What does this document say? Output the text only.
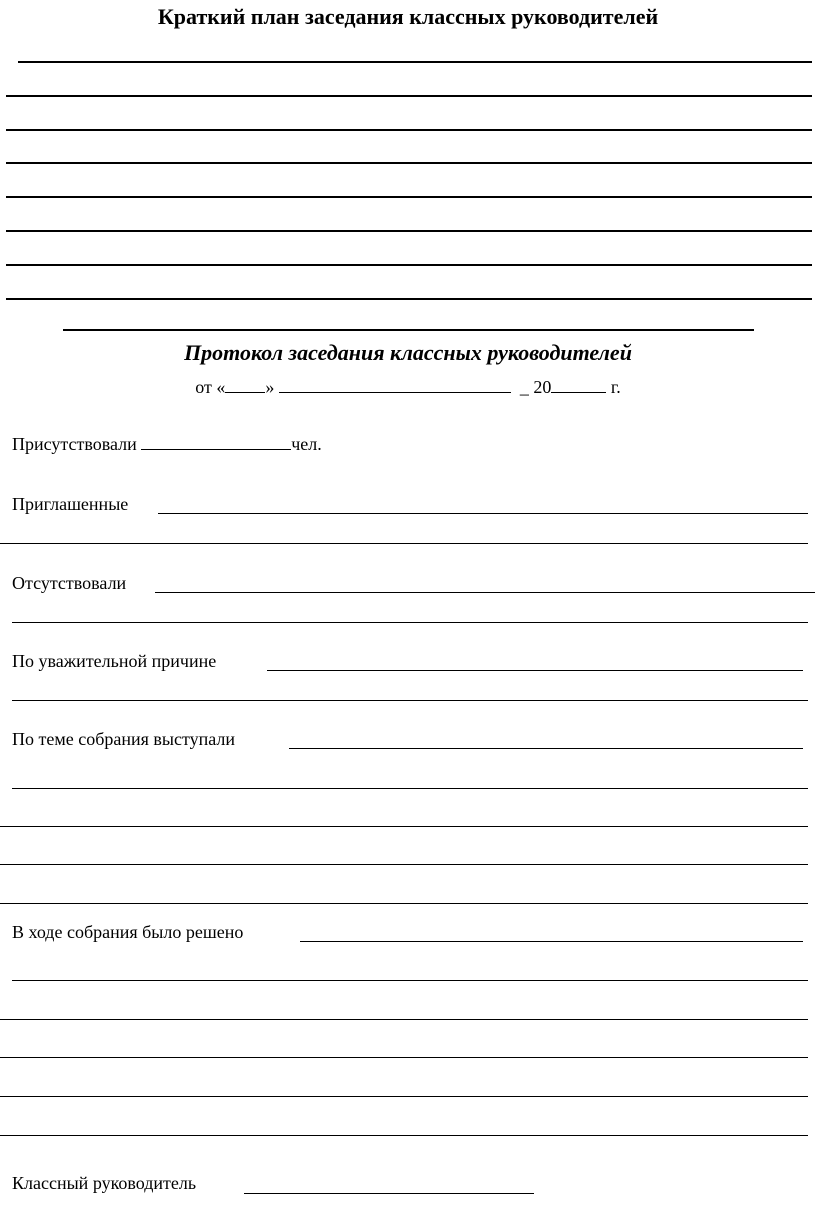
Краткий план заседания классных руководителей
Протокол заседания классных руководителей
от « »	_ 20	г.
Присутствовали	чел.
Приглашенные
Отсутствовали
По уважительной причине
По теме собрания выступали
В ходе собрания было решено
Классный руководитель
